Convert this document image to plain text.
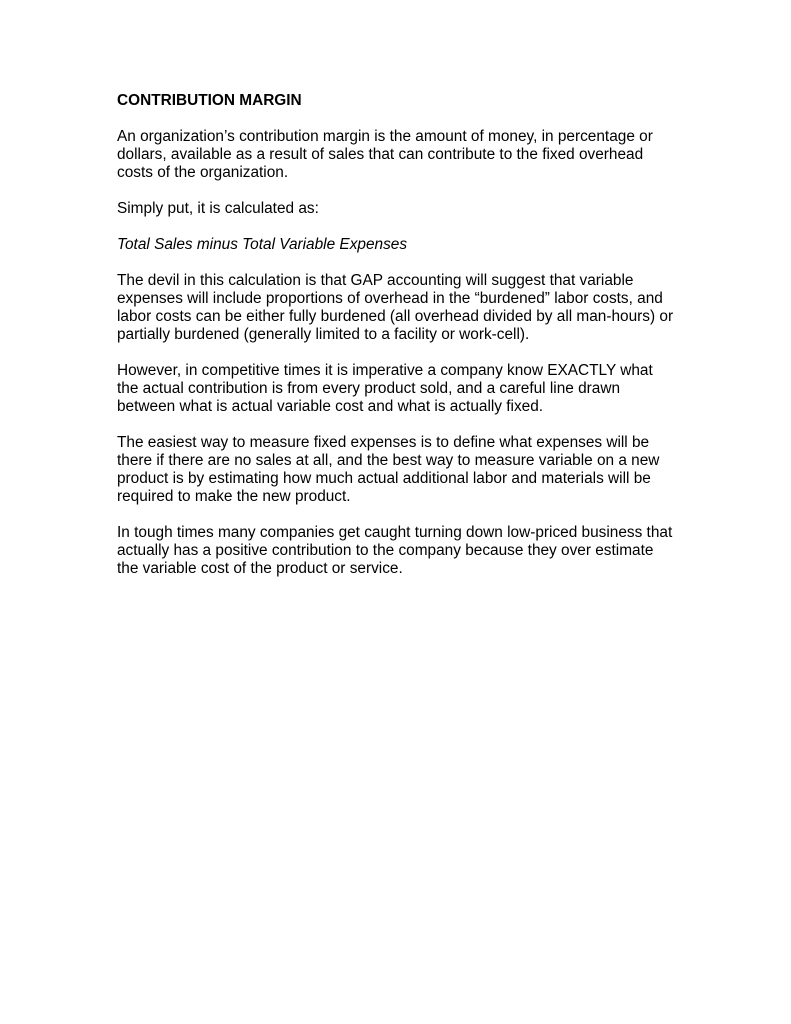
CONTRIBUTION MARGIN

An organization’s contribution margin is the amount of money, in percentage or dollars, available as a result of sales that can contribute to the fixed overhead costs of the organization.

Simply put, it is calculated as:

Total Sales minus Total Variable Expenses

The devil in this calculation is that GAP accounting will suggest that variable expenses will include proportions of overhead in the “burdened” labor costs, and labor costs can be either fully burdened (all overhead divided by all man-hours) or partially burdened (generally limited to a facility or work-cell).

However, in competitive times it is imperative a company know EXACTLY what the actual contribution is from every product sold, and a careful line drawn between what is actual variable cost and what is actually fixed.

The easiest way to measure fixed expenses is to define what expenses will be there if there are no sales at all, and the best way to measure variable on a new product is by estimating how much actual additional labor and materials will be required to make the new product.

In tough times many companies get caught turning down low-priced business that actually has a positive contribution to the company because they over estimate the variable cost of the product or service.
